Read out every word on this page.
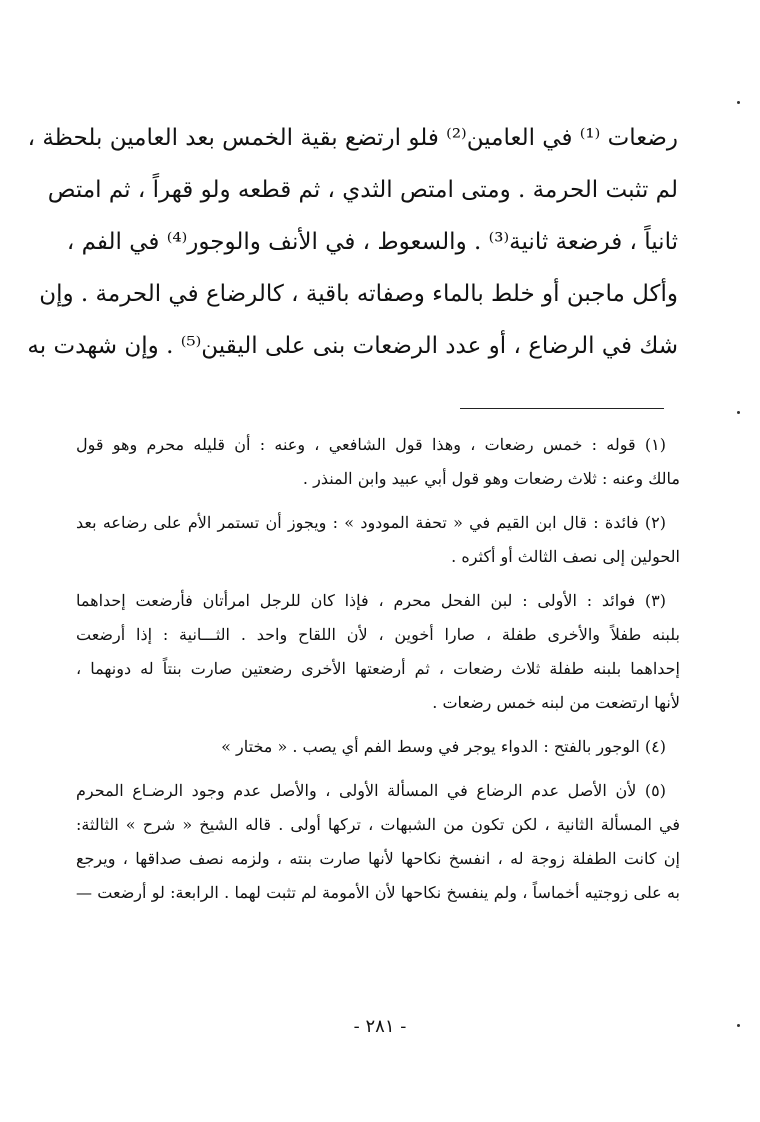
رضعات ⁽¹⁾ في العامين⁽²⁾ فلو ارتضع بقية الخمس بعد العامين بلحظة ،
لم تثبت الحرمة . ومتى امتص الثدي ، ثم قطعه ولو قهراً ، ثم امتص
ثانياً ، فرضعة ثانية⁽³⁾ . والسعوط ، في الأنف والوجور⁽⁴⁾ في الفم ،
وأكل ماجبن أو خلط بالماء وصفاته باقية ، كالرضاع في الحرمة . وإن
شك في الرضاع ، أو عدد الرضعات بنى على اليقين⁽⁵⁾ . وإن شهدت به
(١) قوله : خمس رضعات ، وهذا قول الشافعي ، وعنه : أن قليله محرم وهو قول
مالك وعنه : ثلاث رضعات وهو قول أبي عبيد وابن المنذر .
(٢) فائدة : قال ابن القيم في « تحفة المودود » : ويجوز أن تستمر الأم على رضاعه بعد
الحولين إلى نصف الثالث أو أكثره .
(٣) فوائد : الأولى : لبن الفحل محرم ، فإذا كان للرجل امرأتان فأرضعت إحداهما
بلبنه طفلاً والأخرى طفلة ، صارا أخوين ، لأن اللقاح واحد . الثـــانية : إذا أرضعت
إحداهما بلبنه طفلة ثلاث رضعات ، ثم أرضعتها الأخرى رضعتين صارت بنتاً له دونهما ،
لأنها ارتضعت من لبنه خمس رضعات .
(٤) الوجور بالفتح : الدواء يوجر في وسط الفم أي يصب . « مختار »
(٥) لأن الأصل عدم الرضاع في المسألة الأولى ، والأصل عدم وجود الرضـاع المحرم
في المسألة الثانية ، لكن تكون من الشبهات ، تركها أولى . قاله الشيخ « شرح » الثالثة:
إن كانت الطفلة زوجة له ، انفسخ نكاحها لأنها صارت بنته ، ولزمه نصف صداقها ، ويرجع
به على زوجتيه أخماساً ، ولم ينفسخ نكاحها لأن الأمومة لم تثبت لهما . الرابعة: لو أرضعت —
- ٢٨١ -
